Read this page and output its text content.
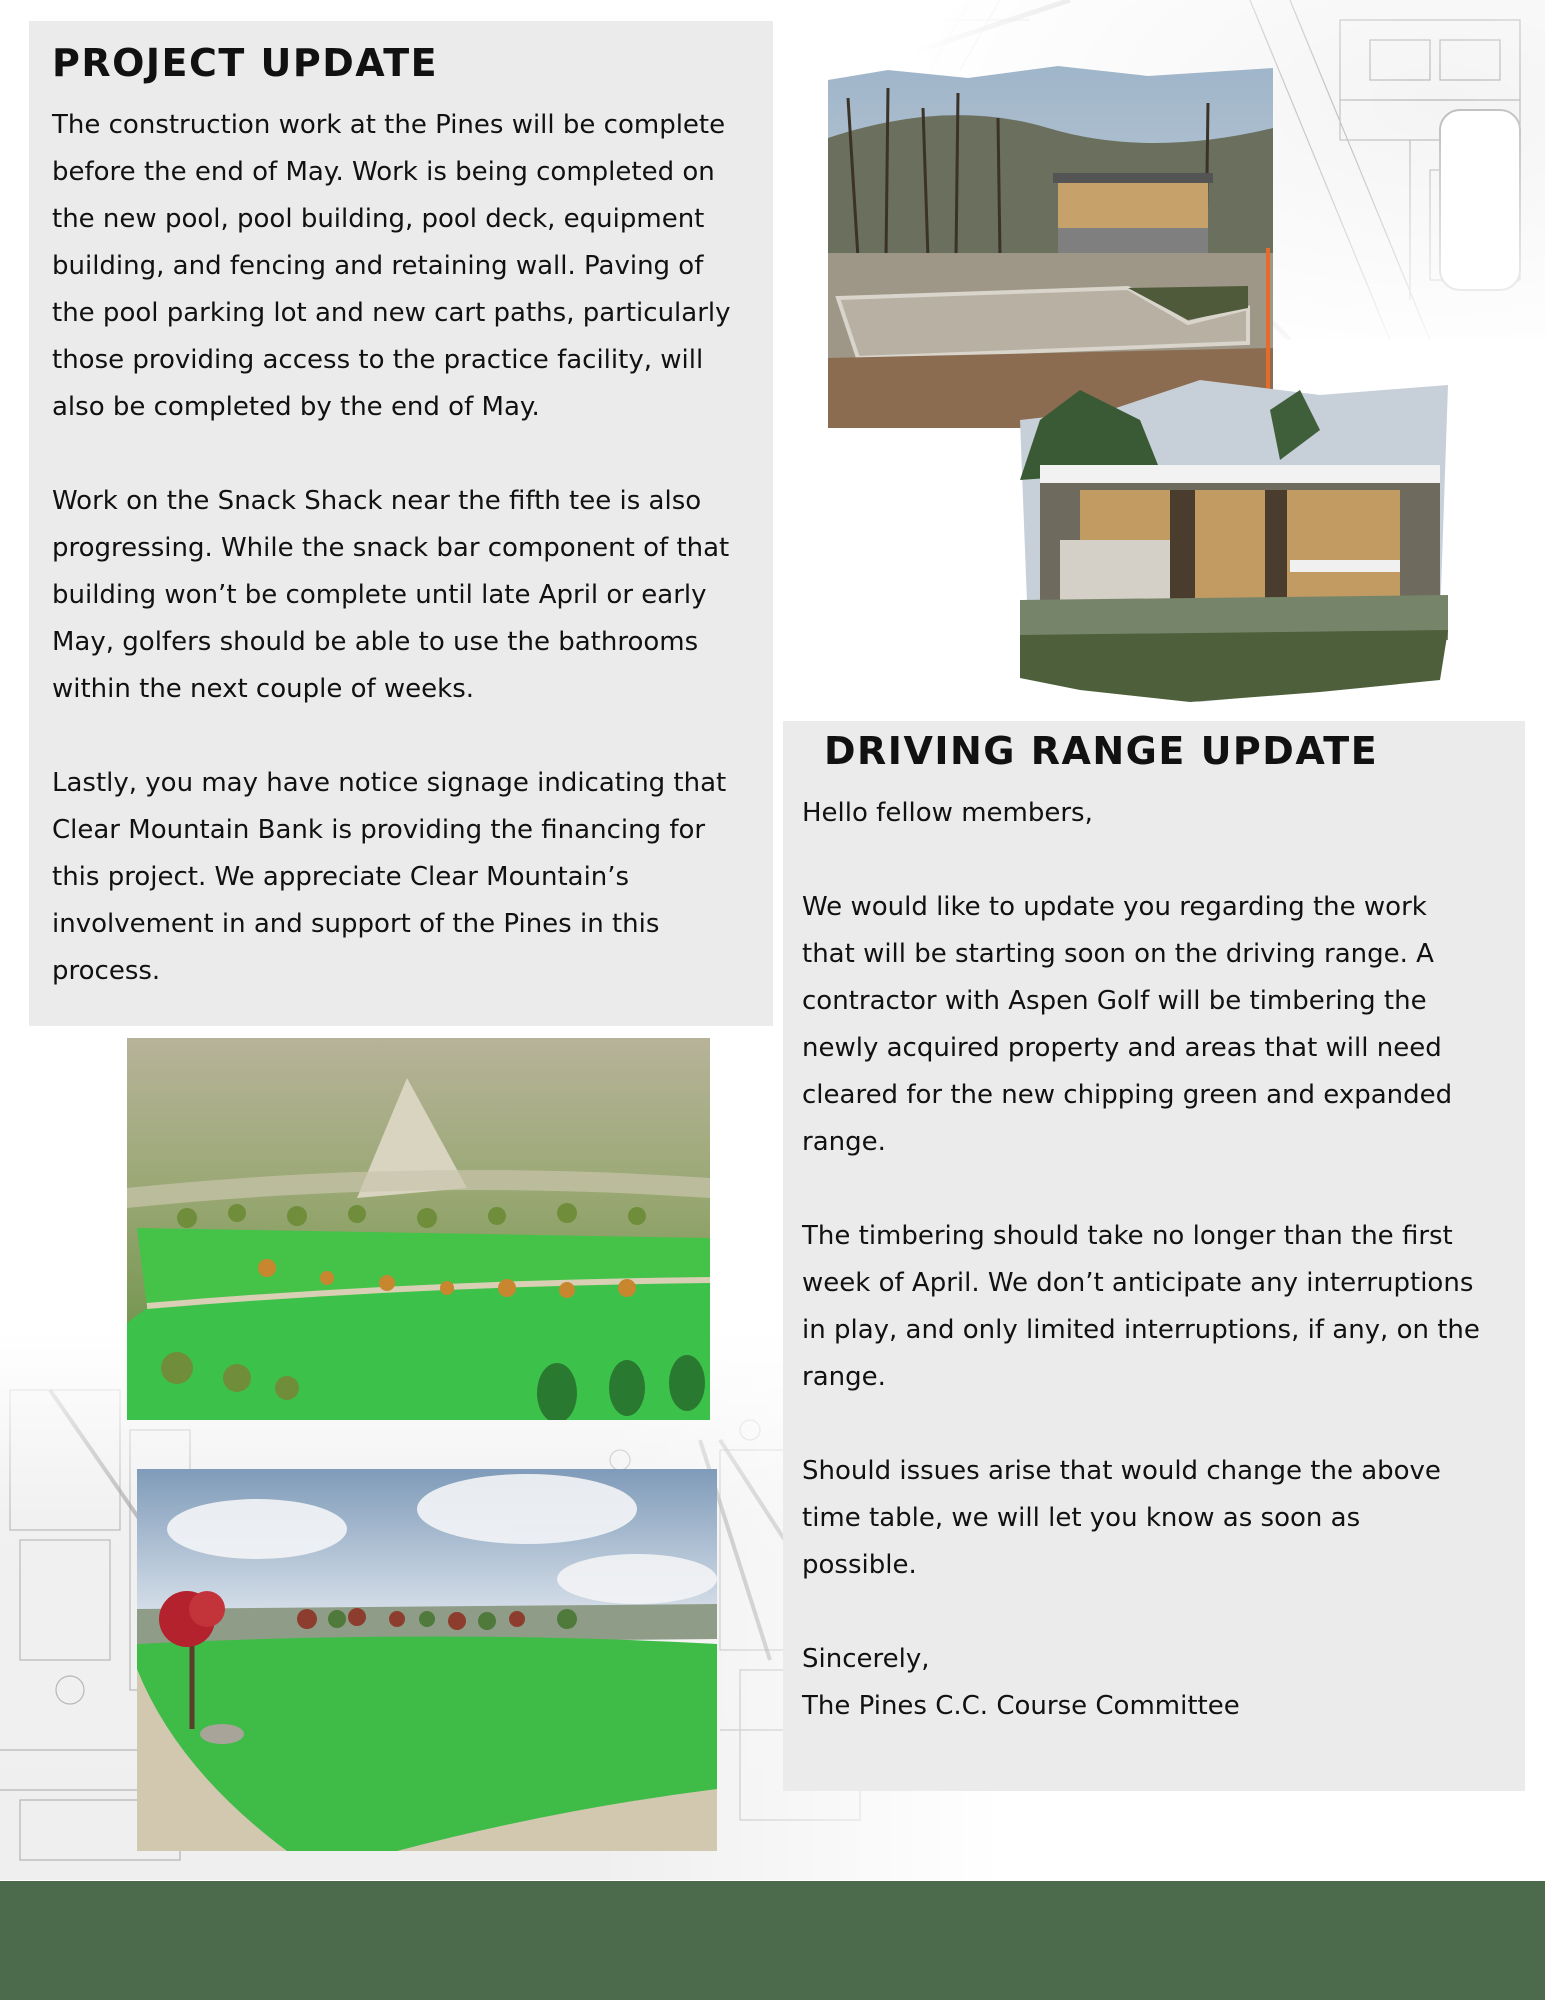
PROJECT UPDATE

The construction work at the Pines will be complete
before the end of May. Work is being completed on
the new pool, pool building, pool deck, equipment
building, and fencing and retaining wall. Paving of
the pool parking lot and new cart paths, particularly
those providing access to the practice facility, will
also be completed by the end of May.

Work on the Snack Shack near the fifth tee is also
progressing. While the snack bar component of that
building won’t be complete until late April or early
May, golfers should be able to use the bathrooms
within the next couple of weeks.

Lastly, you may have notice signage indicating that
Clear Mountain Bank is providing the financing for
this project. We appreciate Clear Mountain’s
involvement in and support of the Pines in this
process.

DRIVING RANGE UPDATE

Hello fellow members,

We would like to update you regarding the work
that will be starting soon on the driving range. A
contractor with Aspen Golf will be timbering the
newly acquired property and areas that will need
cleared for the new chipping green and expanded
range.

The timbering should take no longer than the first
week of April. We don’t anticipate any interruptions
in play, and only limited interruptions, if any, on the
range.

Should issues arise that would change the above
time table, we will let you know as soon as
possible.

Sincerely,

The Pines C.C. Course Committee
